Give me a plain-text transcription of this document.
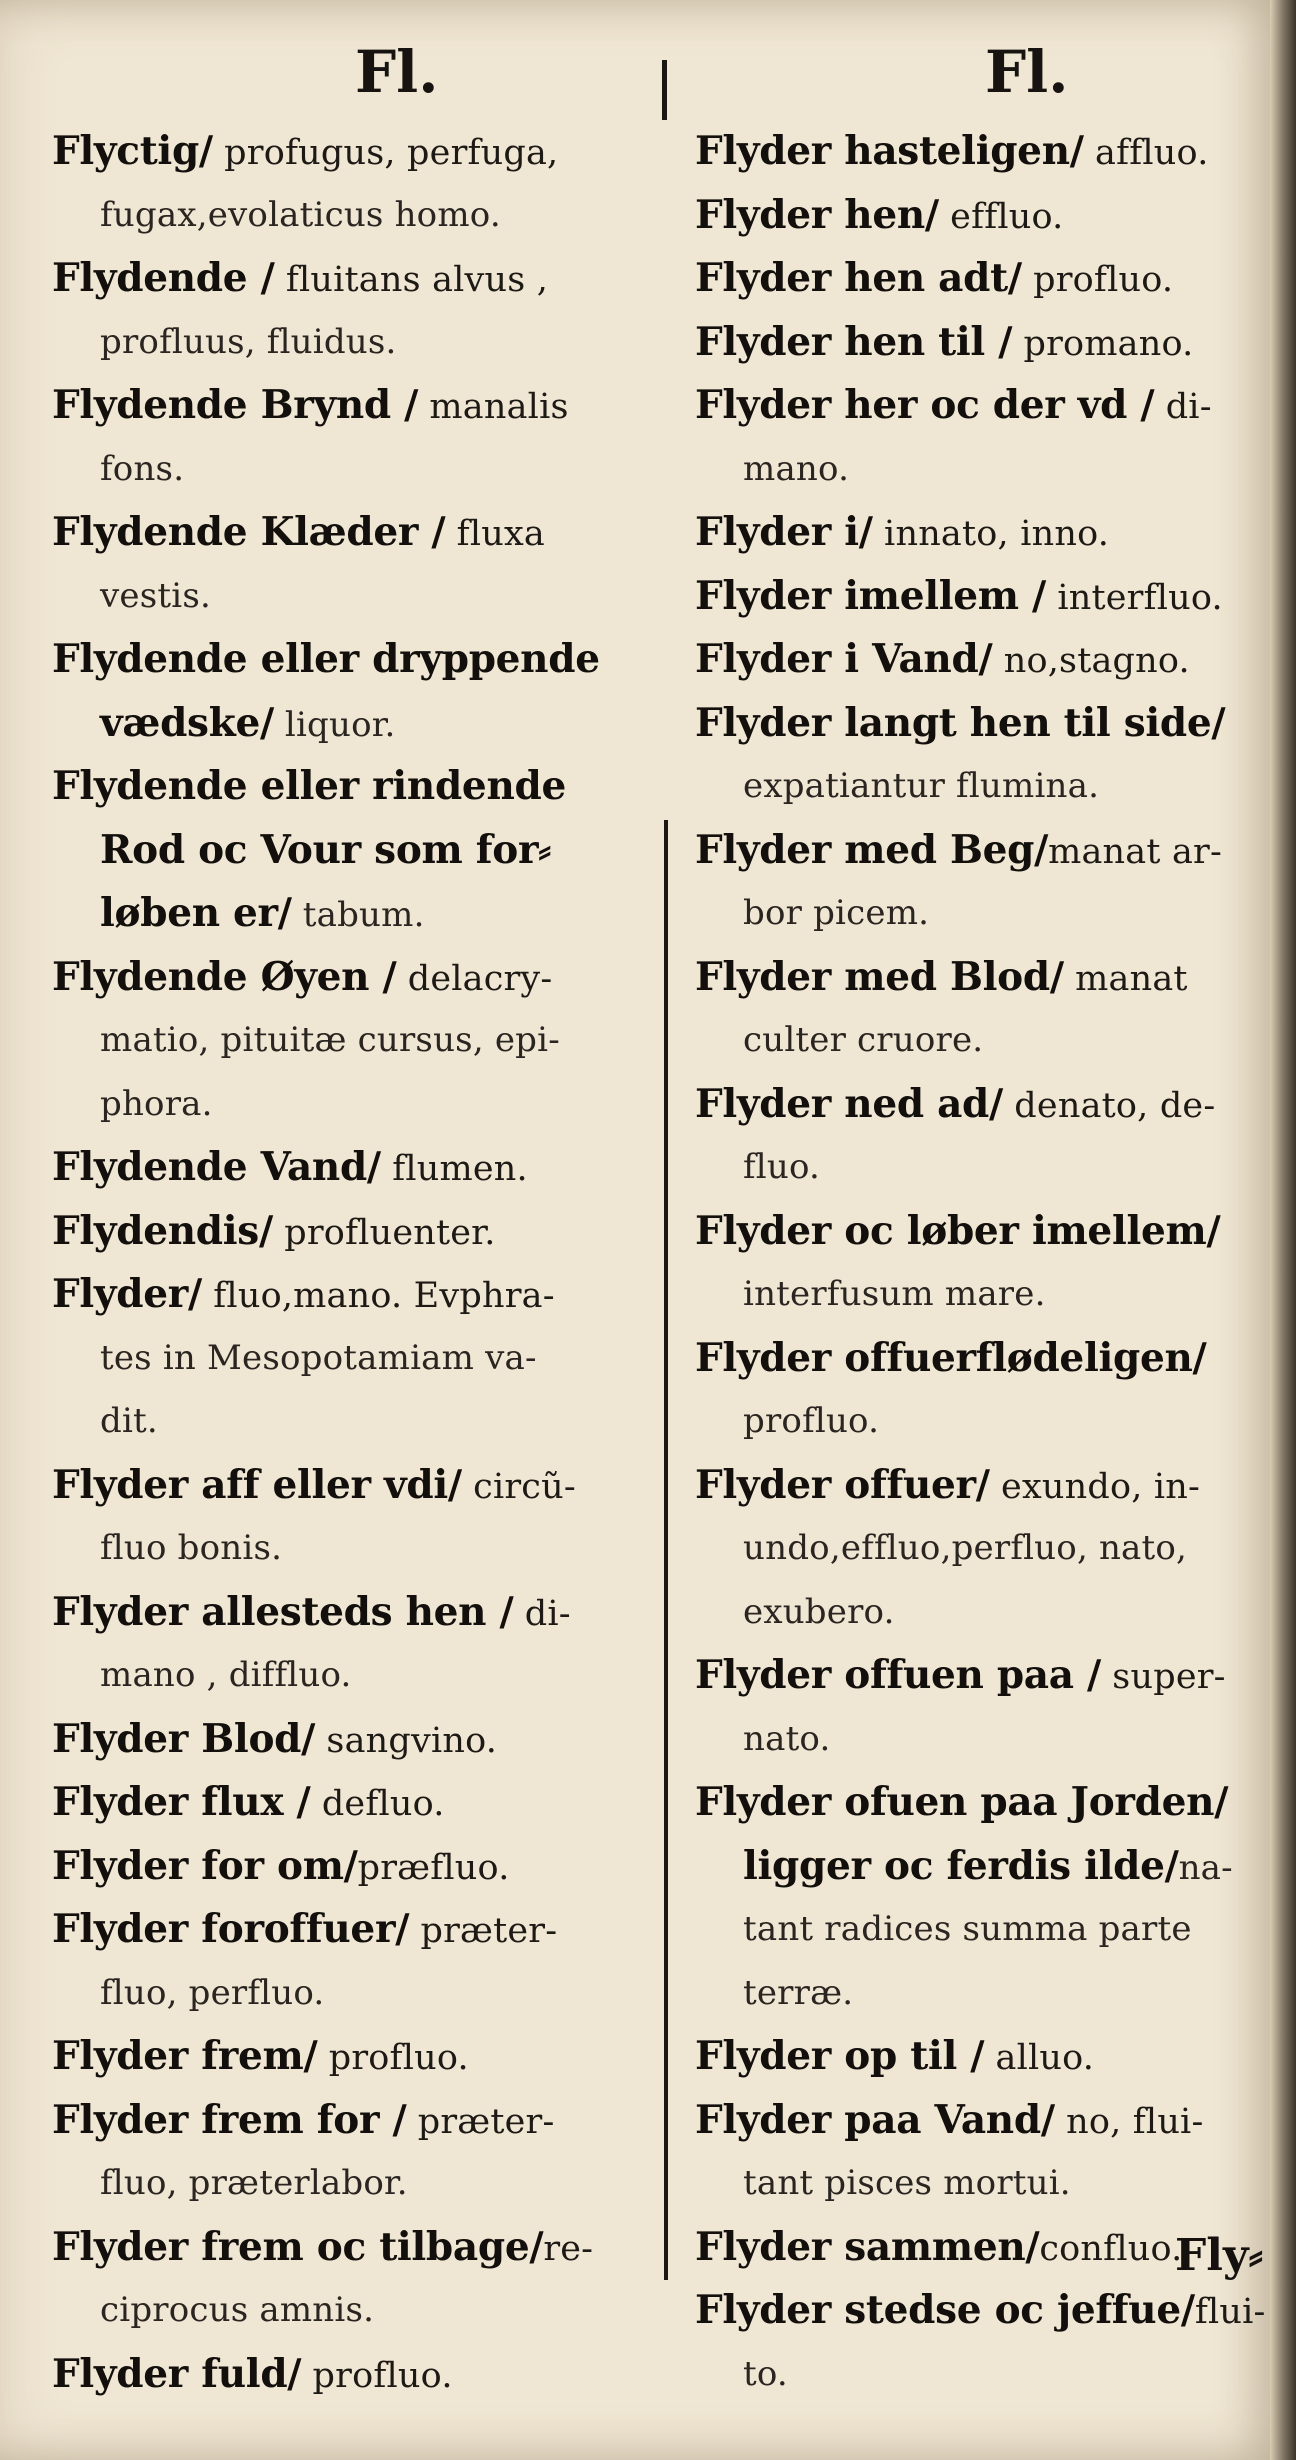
Fl.	Fl.
Flyctig/ profugus, perfuga,
fugax,evolaticus homo.
Flydende / fluitans alvus ,
profluus, fluidus.
Flydende Brynd / manalis
fons.
Flydende Klæder / fluxa
vestis.
Flydende eller dryppende
vædske/ liquor.
Flydende eller rindende
Rod oc Vour som for⸗
løben er/ tabum.
Flydende Øyen / delacry-
matio, pituitæ cursus, epi-
phora.
Flydende Vand/ flumen.
Flydendis/ profluenter.
Flyder/ fluo,mano. Evphra-
tes in Mesopotamiam va-
dit.
Flyder aff eller vdi/ circũ-
fluo bonis.
Flyder allesteds hen / di-
mano , diffluo.
Flyder Blod/ sangvino.
Flyder flux / defluo.
Flyder for om/præfluo.
Flyder foroffuer/ præter-
fluo, perfluo.
Flyder frem/ profluo.
Flyder frem for / præter-
fluo, præterlabor.
Flyder frem oc tilbage/re-
ciprocus amnis.
Flyder fuld/ profluo.
Flyder hasteligen/ affluo.
Flyder hen/ effluo.
Flyder hen adt/ profluo.
Flyder hen til / promano.
Flyder her oc der vd / di-
mano.
Flyder i/ innato, inno.
Flyder imellem / interfluo.
Flyder i Vand/ no,stagno.
Flyder langt hen til side/
expatiantur flumina.
Flyder med Beg/manat ar-
bor picem.
Flyder med Blod/ manat
culter cruore.
Flyder ned ad/ denato, de-
fluo.
Flyder oc løber imellem/
interfusum mare.
Flyder offuerflødeligen/
profluo.
Flyder offuer/ exundo, in-
undo,effluo,perfluo, nato,
exubero.
Flyder offuen paa / super-
nato.
Flyder ofuen paa Jorden/
ligger oc ferdis ilde/na-
tant radices summa parte
terræ.
Flyder op til / alluo.
Flyder paa Vand/ no, flui-
tant pisces mortui.
Flyder sammen/confluo.
Flyder stedse oc jeffue/flui-
to.
Fly⸗
